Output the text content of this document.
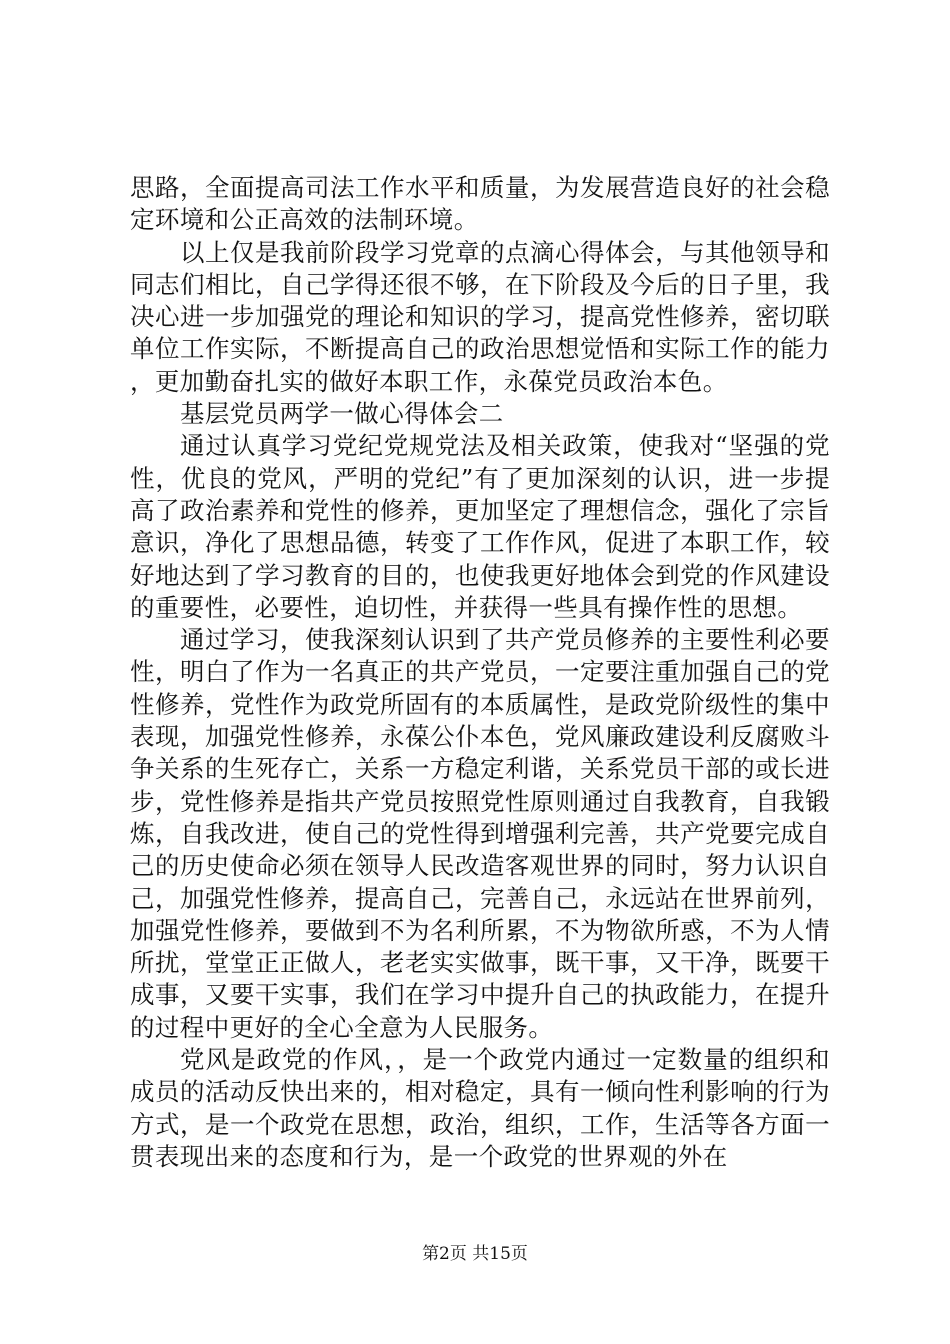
思路，全面提高司法工作水平和质量，为发展营造良好的社会稳定环境和公正高效的法制环境。

以上仅是我前阶段学习党章的点滴心得体会，与其他领导和同志们相比，自己学得还很不够，在下阶段及今后的日子里，我决心进一步加强党的理论和知识的学习，提高党性修养，密切联单位工作实际，不断提高自己的政治思想觉悟和实际工作的能力，更加勤奋扎实的做好本职工作，永葆党员政治本色。

基层党员两学一做心得体会二

通过认真学习党纪党规党法及相关政策，使我对“坚强的党性，优良的党风，严明的党纪”有了更加深刻的认识，进一步提高了政治素养和党性的修养，更加坚定了理想信念，强化了宗旨意识，净化了思想品德，转变了工作作风，促进了本职工作，较好地达到了学习教育的目的，也使我更好地体会到党的作风建设的重要性，必要性，迫切性，并获得一些具有操作性的思想。

通过学习，使我深刻认识到了共产党员修养的主要性利必要性，明白了作为一名真正的共产党员，一定要注重加强自己的党性修养，党性作为政党所固有的本质属性，是政党阶级性的集中表现，加强党性修养，永葆公仆本色，党风廉政建设利反腐败斗争关系的生死存亡，关系一方稳定利谐，关系党员干部的或长进步，党性修养是指共产党员按照党性原则通过自我教育，自我锻炼，自我改进，使自己的党性得到增强利完善，共产党要完成自己的历史使命必须在领导人民改造客观世界的同时，努力认识自己，加强党性修养，提高自己，完善自己，永远站在世界前列，加强党性修养，要做到不为名利所累，不为物欲所惑，不为人情所扰，堂堂正正做人，老老实实做事，既干事，又干净，既要干成事，又要干实事，我们在学习中提升自己的执政能力，在提升的过程中更好的全心全意为人民服务。

党风是政党的作风，，是一个政党内通过一定数量的组织和成员的活动反快出来的，相对稳定，具有一倾向性利影响的行为方式，是一个政党在思想，政治，组织，工作，生活等各方面一贯表现出来的态度和行为，是一个政党的世界观的外在

第2页 共15页
